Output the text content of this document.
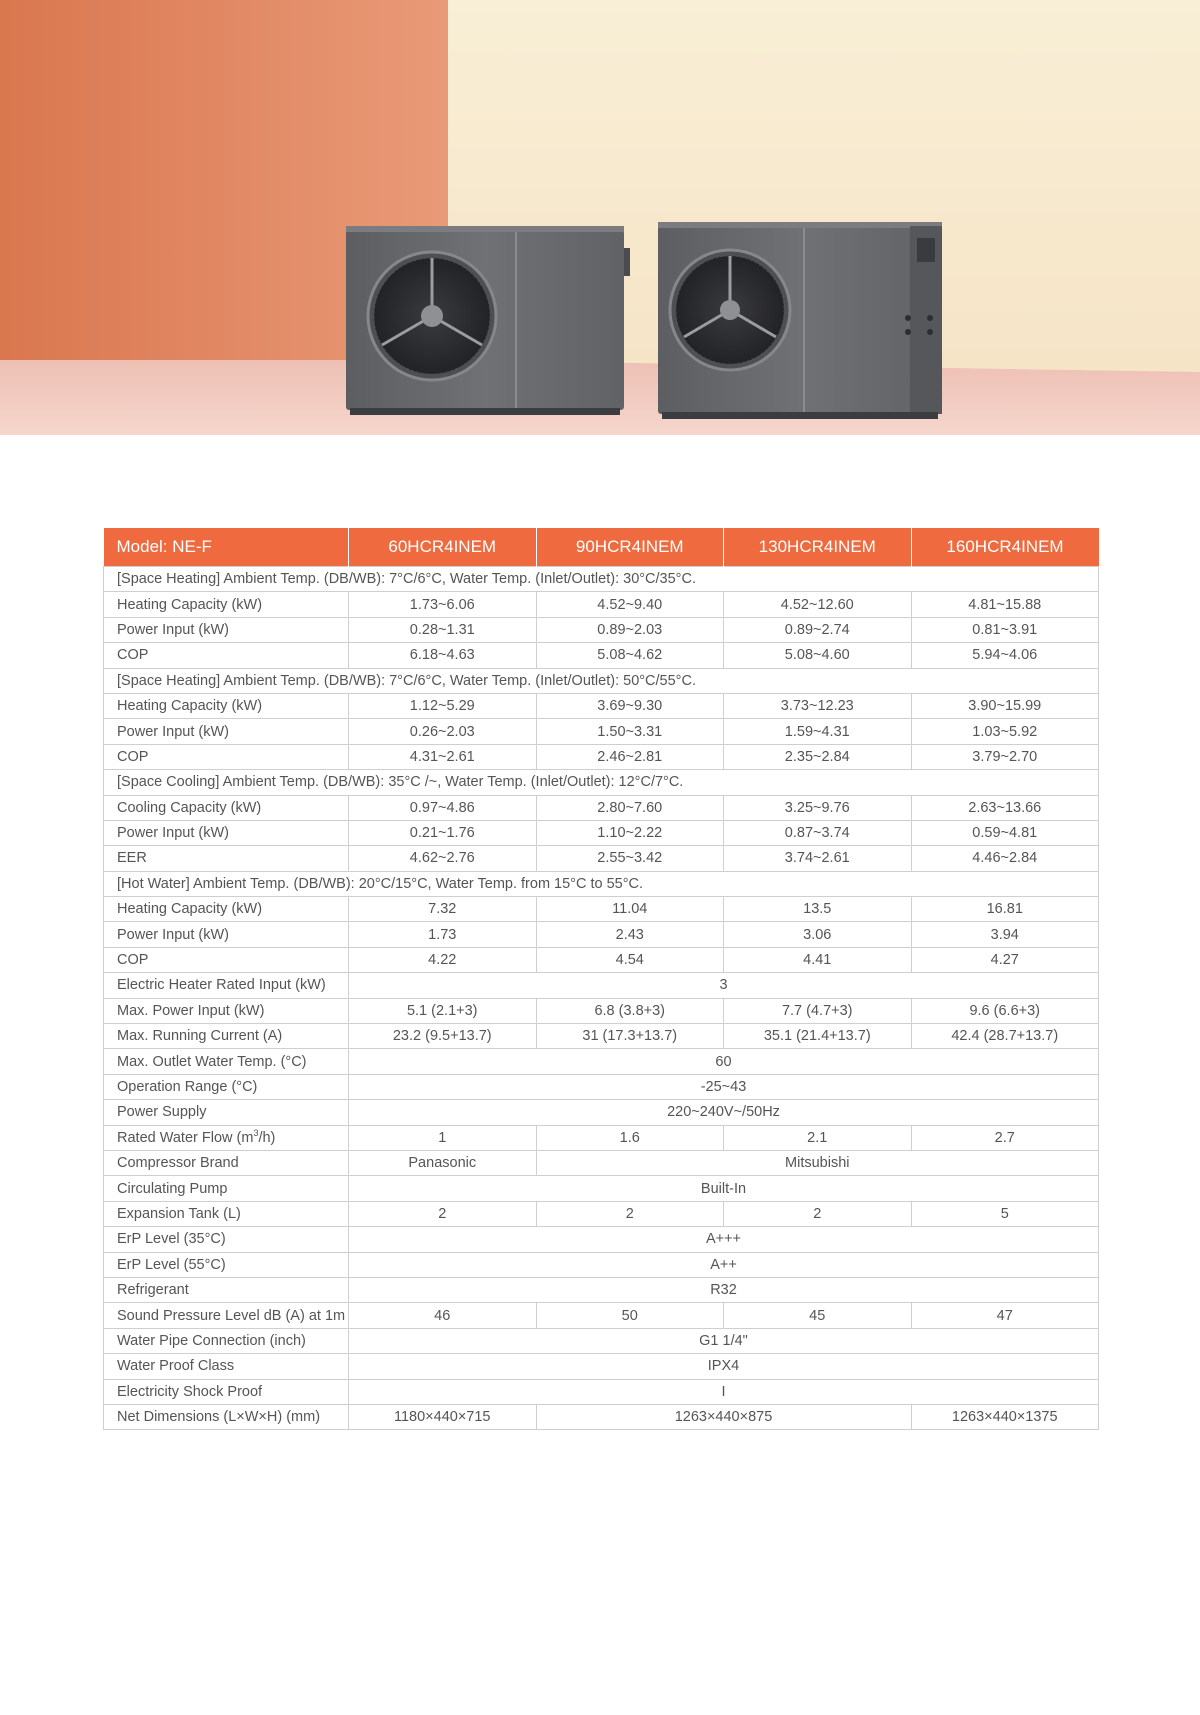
Model: NE-F	60HCR4INEM	90HCR4INEM	130HCR4INEM	160HCR4INEM
[Space Heating] Ambient Temp. (DB/WB): 7°C/6°C, Water Temp. (Inlet/Outlet): 30°C/35°C.				
Heating Capacity (kW)	1.73~6.06	4.52~9.40	4.52~12.60	4.81~15.88
Power Input (kW)	0.28~1.31	0.89~2.03	0.89~2.74	0.81~3.91
COP	6.18~4.63	5.08~4.62	5.08~4.60	5.94~4.06
[Space Heating] Ambient Temp. (DB/WB): 7°C/6°C, Water Temp. (Inlet/Outlet): 50°C/55°C.				
Heating Capacity (kW)	1.12~5.29	3.69~9.30	3.73~12.23	3.90~15.99
Power Input (kW)	0.26~2.03	1.50~3.31	1.59~4.31	1.03~5.92
COP	4.31~2.61	2.46~2.81	2.35~2.84	3.79~2.70
[Space Cooling] Ambient Temp. (DB/WB): 35°C /~, Water Temp. (Inlet/Outlet): 12°C/7°C.				
Cooling Capacity (kW)	0.97~4.86	2.80~7.60	3.25~9.76	2.63~13.66
Power Input (kW)	0.21~1.76	1.10~2.22	0.87~3.74	0.59~4.81
EER	4.62~2.76	2.55~3.42	3.74~2.61	4.46~2.84
[Hot Water] Ambient Temp. (DB/WB): 20°C/15°C, Water Temp. from 15°C to 55°C.				
Heating Capacity (kW)	7.32	11.04	13.5	16.81
Power Input (kW)	1.73	2.43	3.06	3.94
COP	4.22	4.54	4.41	4.27
Electric Heater Rated Input (kW)	3			
Max. Power Input (kW)	5.1 (2.1+3)	6.8 (3.8+3)	7.7 (4.7+3)	9.6 (6.6+3)
Max. Running Current (A)	23.2 (9.5+13.7)	31 (17.3+13.7)	35.1 (21.4+13.7)	42.4 (28.7+13.7)
Max. Outlet Water Temp. (°C)	60			
Operation Range (°C)	-25~43			
Power Supply	220~240V~/50Hz			
Rated Water Flow $(m^3/h)$	1	1.6	2.1	2.7
Compressor Brand	Panasonic	Mitsubishi		
Circulating Pump	Built-In			
Expansion Tank (L)	2	2	2	5
ErP Level (35°C)	A+++			
ErP Level (55°C)	A++			
Refrigerant	R32			
Sound Pressure Level dB (A) at 1m	46	50	45	47
Water Pipe Connection (inch)	G1 1/4"			
Water Proof Class	IPX4			
Electricity Shock Proof	I			
Net Dimensions (L×W×H) (mm)	1180×440×715	1263×440×875		1263×440×1375
